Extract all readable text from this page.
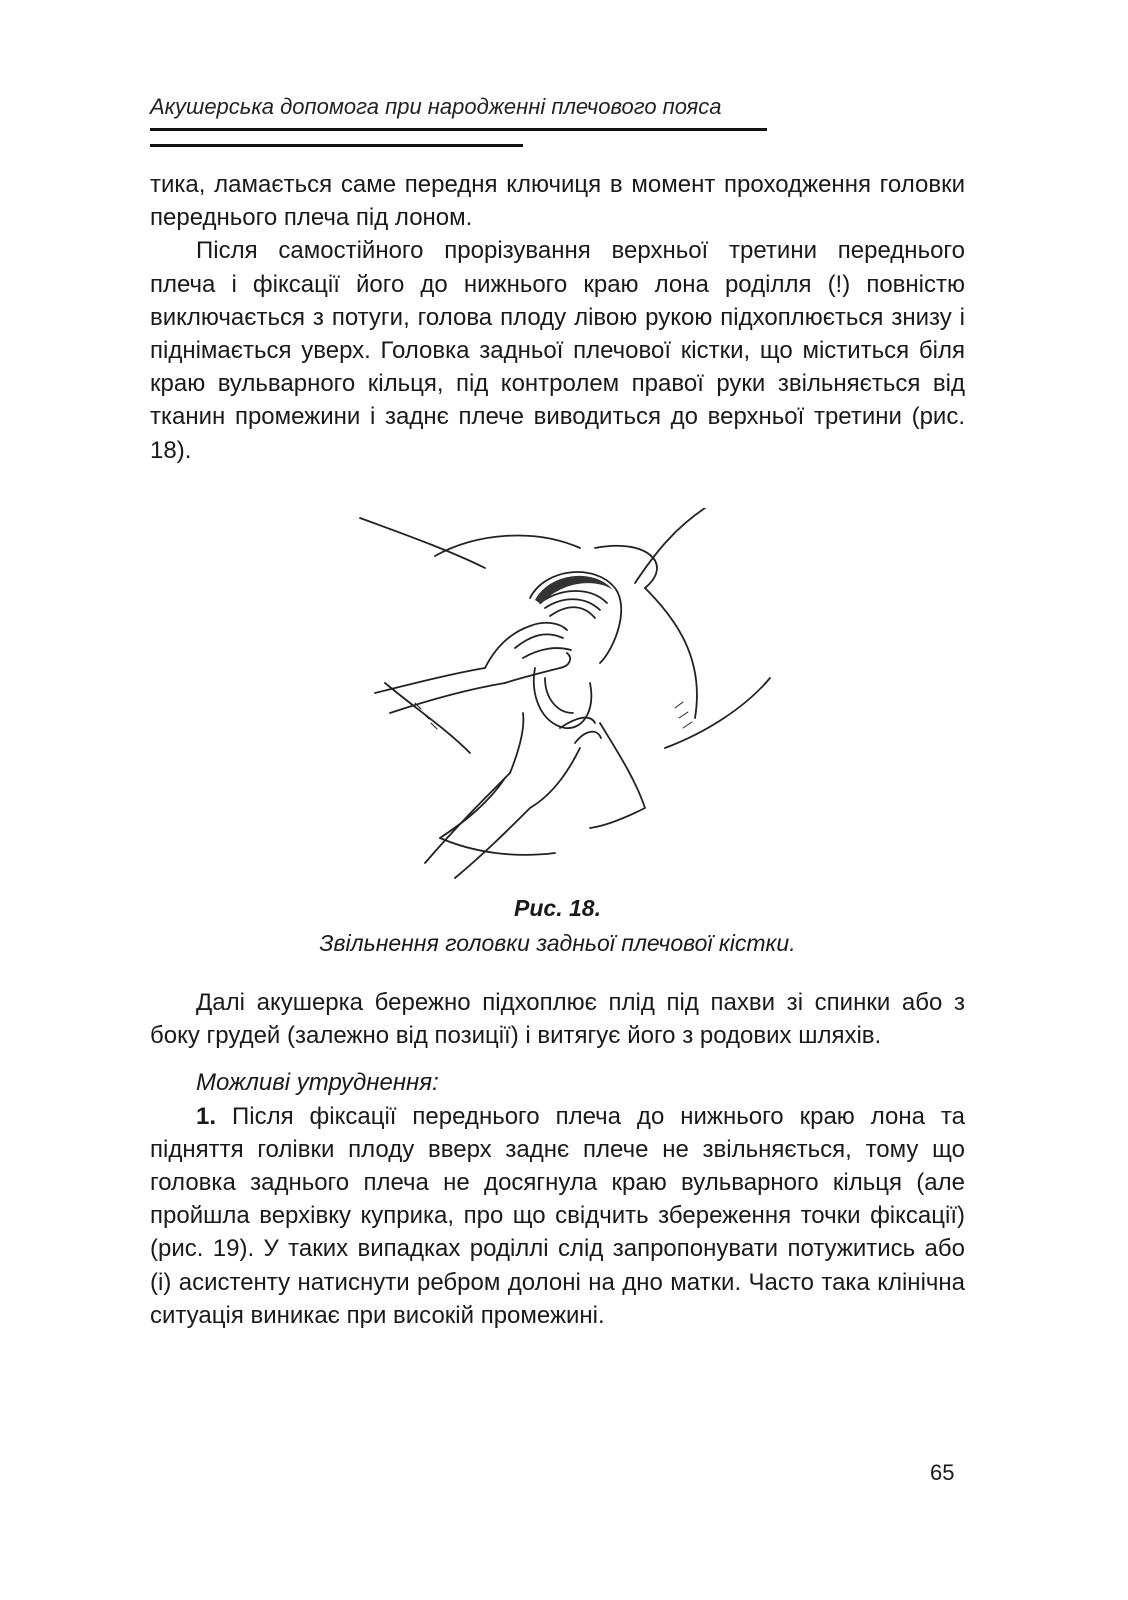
Акушерська допомога при народженні плечового пояса

тика, ламається саме передня ключиця в момент проходження головки переднього плеча під лоном.

Після самостійного прорізування верхньої третини переднього плеча і фіксації його до нижнього краю лона роділля (!) повністю виключається з потуги, голова плоду лівою рукою підхоплюється знизу і піднімається уверх. Головка задньої плечової кістки, що міститься біля краю вульварного кільця, під контролем правої руки звільняється від тканин промежини і заднє плече виводиться до верхньої третини (рис. 18).

Рис. 18.
Звільнення головки задньої плечової кістки.

Далі акушерка бережно підхоплює плід під пахви зі спинки або з боку грудей (залежно від позиції) і витягує його з родових шляхів.

Можливі утруднення:

1. Після фіксації переднього плеча до нижнього краю лона та підняття голівки плоду вверх заднє плече не звільняється, тому що головка заднього плеча не досягнула краю вульварного кільця (але пройшла верхівку куприка, про що свідчить збереження точки фіксації) (рис. 19). У таких випадках роділлі слід запропонувати потужитись або (і) асистенту натиснути ребром долоні на дно матки. Часто така клінічна ситуація виникає при високій промежині.

65
